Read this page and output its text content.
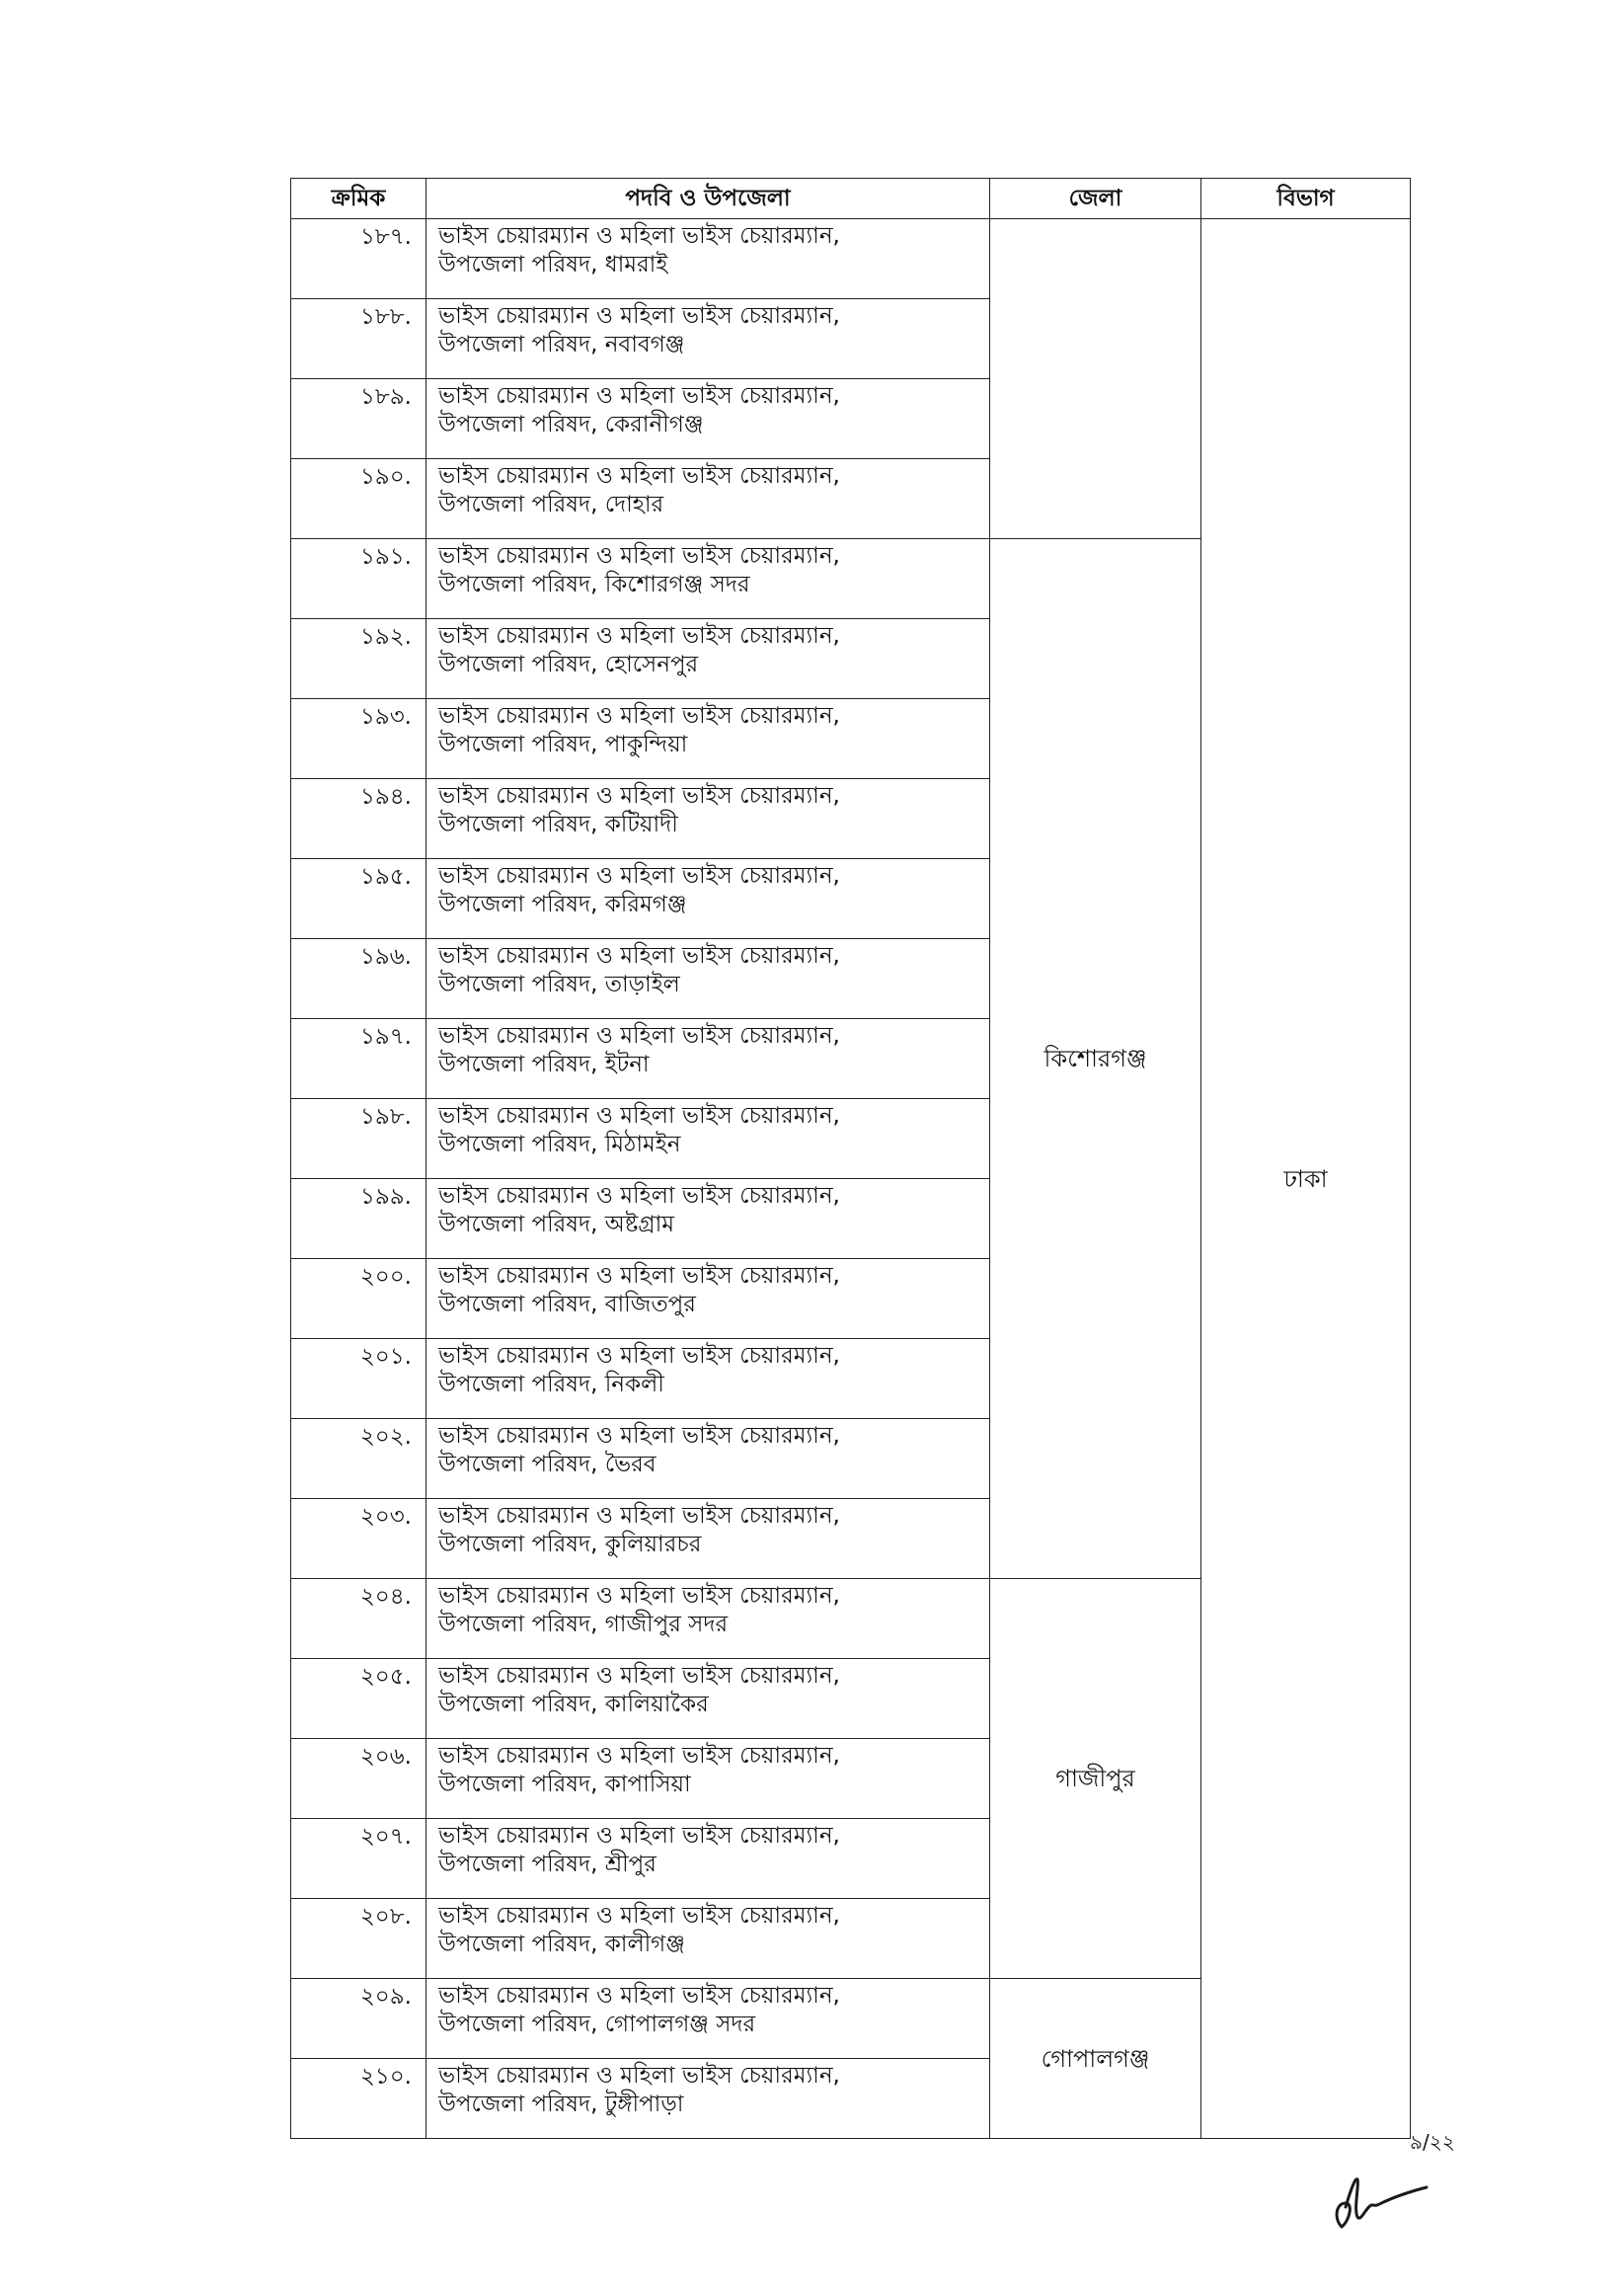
ক্রমিক	পদবি ও উপজেলা	জেলা	বিভাগ
১৮৭.	ভাইস চেয়ারম্যান ও মহিলা ভাইস চেয়ারম্যান,
উপজেলা পরিষদ, ধামরাই		ঢাকা
১৮৮.	ভাইস চেয়ারম্যান ও মহিলা ভাইস চেয়ারম্যান,
উপজেলা পরিষদ, নবাবগঞ্জ		

১৮৯.	ভাইস চেয়ারম্যান ও মহিলা ভাইস চেয়ারম্যান,
উপজেলা পরিষদ, কেরানীগঞ্জ		

১৯০.	ভাইস চেয়ারম্যান ও মহিলা ভাইস চেয়ারম্যান,
উপজেলা পরিষদ, দোহার		

১৯১.	ভাইস চেয়ারম্যান ও মহিলা ভাইস চেয়ারম্যান,
উপজেলা পরিষদ, কিশোরগঞ্জ সদর	কিশোরগঞ্জ	
১৯২.	ভাইস চেয়ারম্যান ও মহিলা ভাইস চেয়ারম্যান,
উপজেলা পরিষদ, হোসেনপুর		

১৯৩.	ভাইস চেয়ারম্যান ও মহিলা ভাইস চেয়ারম্যান,
উপজেলা পরিষদ, পাকুন্দিয়া		

১৯৪.	ভাইস চেয়ারম্যান ও মহিলা ভাইস চেয়ারম্যান,
উপজেলা পরিষদ, কটিয়াদী		

১৯৫.	ভাইস চেয়ারম্যান ও মহিলা ভাইস চেয়ারম্যান,
উপজেলা পরিষদ, করিমগঞ্জ		

১৯৬.	ভাইস চেয়ারম্যান ও মহিলা ভাইস চেয়ারম্যান,
উপজেলা পরিষদ, তাড়াইল		

১৯৭.	ভাইস চেয়ারম্যান ও মহিলা ভাইস চেয়ারম্যান,
উপজেলা পরিষদ, ইটনা		

১৯৮.	ভাইস চেয়ারম্যান ও মহিলা ভাইস চেয়ারম্যান,
উপজেলা পরিষদ, মিঠামইন		

১৯৯.	ভাইস চেয়ারম্যান ও মহিলা ভাইস চেয়ারম্যান,
উপজেলা পরিষদ, অষ্টগ্রাম		

২০০.	ভাইস চেয়ারম্যান ও মহিলা ভাইস চেয়ারম্যান,
উপজেলা পরিষদ, বাজিতপুর		

২০১.	ভাইস চেয়ারম্যান ও মহিলা ভাইস চেয়ারম্যান,
উপজেলা পরিষদ, নিকলী		

২০২.	ভাইস চেয়ারম্যান ও মহিলা ভাইস চেয়ারম্যান,
উপজেলা পরিষদ, ভৈরব		

২০৩.	ভাইস চেয়ারম্যান ও মহিলা ভাইস চেয়ারম্যান,
উপজেলা পরিষদ, কুলিয়ারচর		

২০৪.	ভাইস চেয়ারম্যান ও মহিলা ভাইস চেয়ারম্যান,
উপজেলা পরিষদ, গাজীপুর সদর	গাজীপুর	
২০৫.	ভাইস চেয়ারম্যান ও মহিলা ভাইস চেয়ারম্যান,
উপজেলা পরিষদ, কালিয়াকৈর		

২০৬.	ভাইস চেয়ারম্যান ও মহিলা ভাইস চেয়ারম্যান,
উপজেলা পরিষদ, কাপাসিয়া		

২০৭.	ভাইস চেয়ারম্যান ও মহিলা ভাইস চেয়ারম্যান,
উপজেলা পরিষদ, শ্রীপুর		

২০৮.	ভাইস চেয়ারম্যান ও মহিলা ভাইস চেয়ারম্যান,
উপজেলা পরিষদ, কালীগঞ্জ		

২০৯.	ভাইস চেয়ারম্যান ও মহিলা ভাইস চেয়ারম্যান,
উপজেলা পরিষদ, গোপালগঞ্জ সদর	গোপালগঞ্জ	
২১০.	ভাইস চেয়ারম্যান ও মহিলা ভাইস চেয়ারম্যান,
উপজেলা পরিষদ, টুঙ্গীপাড়া		
৯/২২
